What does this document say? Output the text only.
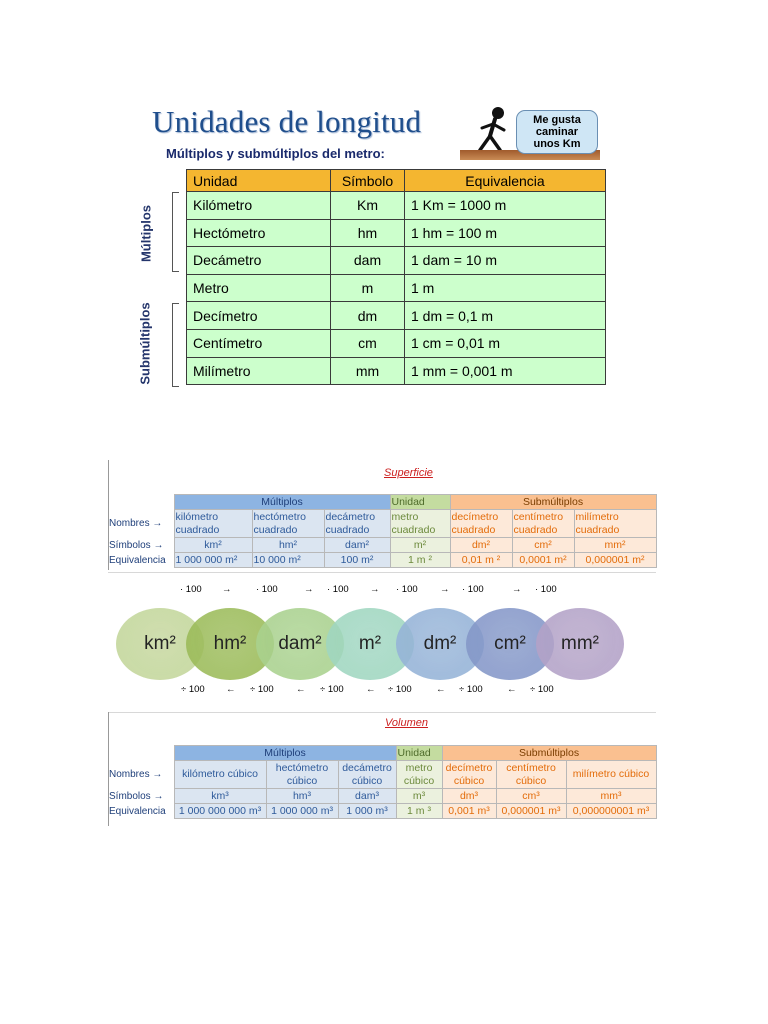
Unidades de longitud
Múltiplos y submúltiplos del metro:
Me gusta
caminar
unos Km
Múltiplos
Submúltiplos
Unidad	Símbolo	Equivalencia
Kilómetro	Km	1 Km = 1000 m
Hectómetro	hm	1 hm = 100 m
Decámetro	dam	1 dam = 10 m
Metro	m	1 m
Decímetro	dm	1 dm = 0,1 m
Centímetro	cm	1 cm = 0,01 m
Milímetro	mm	1 mm = 0,001 m
Superficie
	Múltiplos			Unidad	Submúltiplos		
Nombres →	kilómetro cuadrado	hectómetro cuadrado	decámetro cuadrado	metro cuadrado	decímetro cuadrado	centímetro cuadrado	milímetro cuadrado
Símbolos →	km²	hm²	dam²	m²	dm²	cm²	mm²
Equivalencia	1 000 000 m²	10 000 m²	100 m²	1 m ²	0,01 m ²	0,0001 m²	0,000001 m²
· 100 →	· 100	→ · 100 → · 100 → · 100	→ · 100
km²	hm²	dam²	m²	dm²	cm²	mm²
÷ 100 ← ÷ 100 ← ÷ 100 ← ÷ 100	← ÷ 100	← ÷ 100
Volumen
	Múltiplos			Unidad	Submúltiplos		
Nombres →	kilómetro cúbico	hectómetro cúbico	decámetro cúbico	metro cúbico	decímetro cúbico	centímetro cúbico	milímetro cúbico
Símbolos →	km³	hm³	dam³	m³	dm³	cm³	mm³
Equivalencia	1 000 000 000 m³	1 000 000 m³	1 000 m³	1 m ³	0,001 m³	0,000001 m³	0,000000001 m³
